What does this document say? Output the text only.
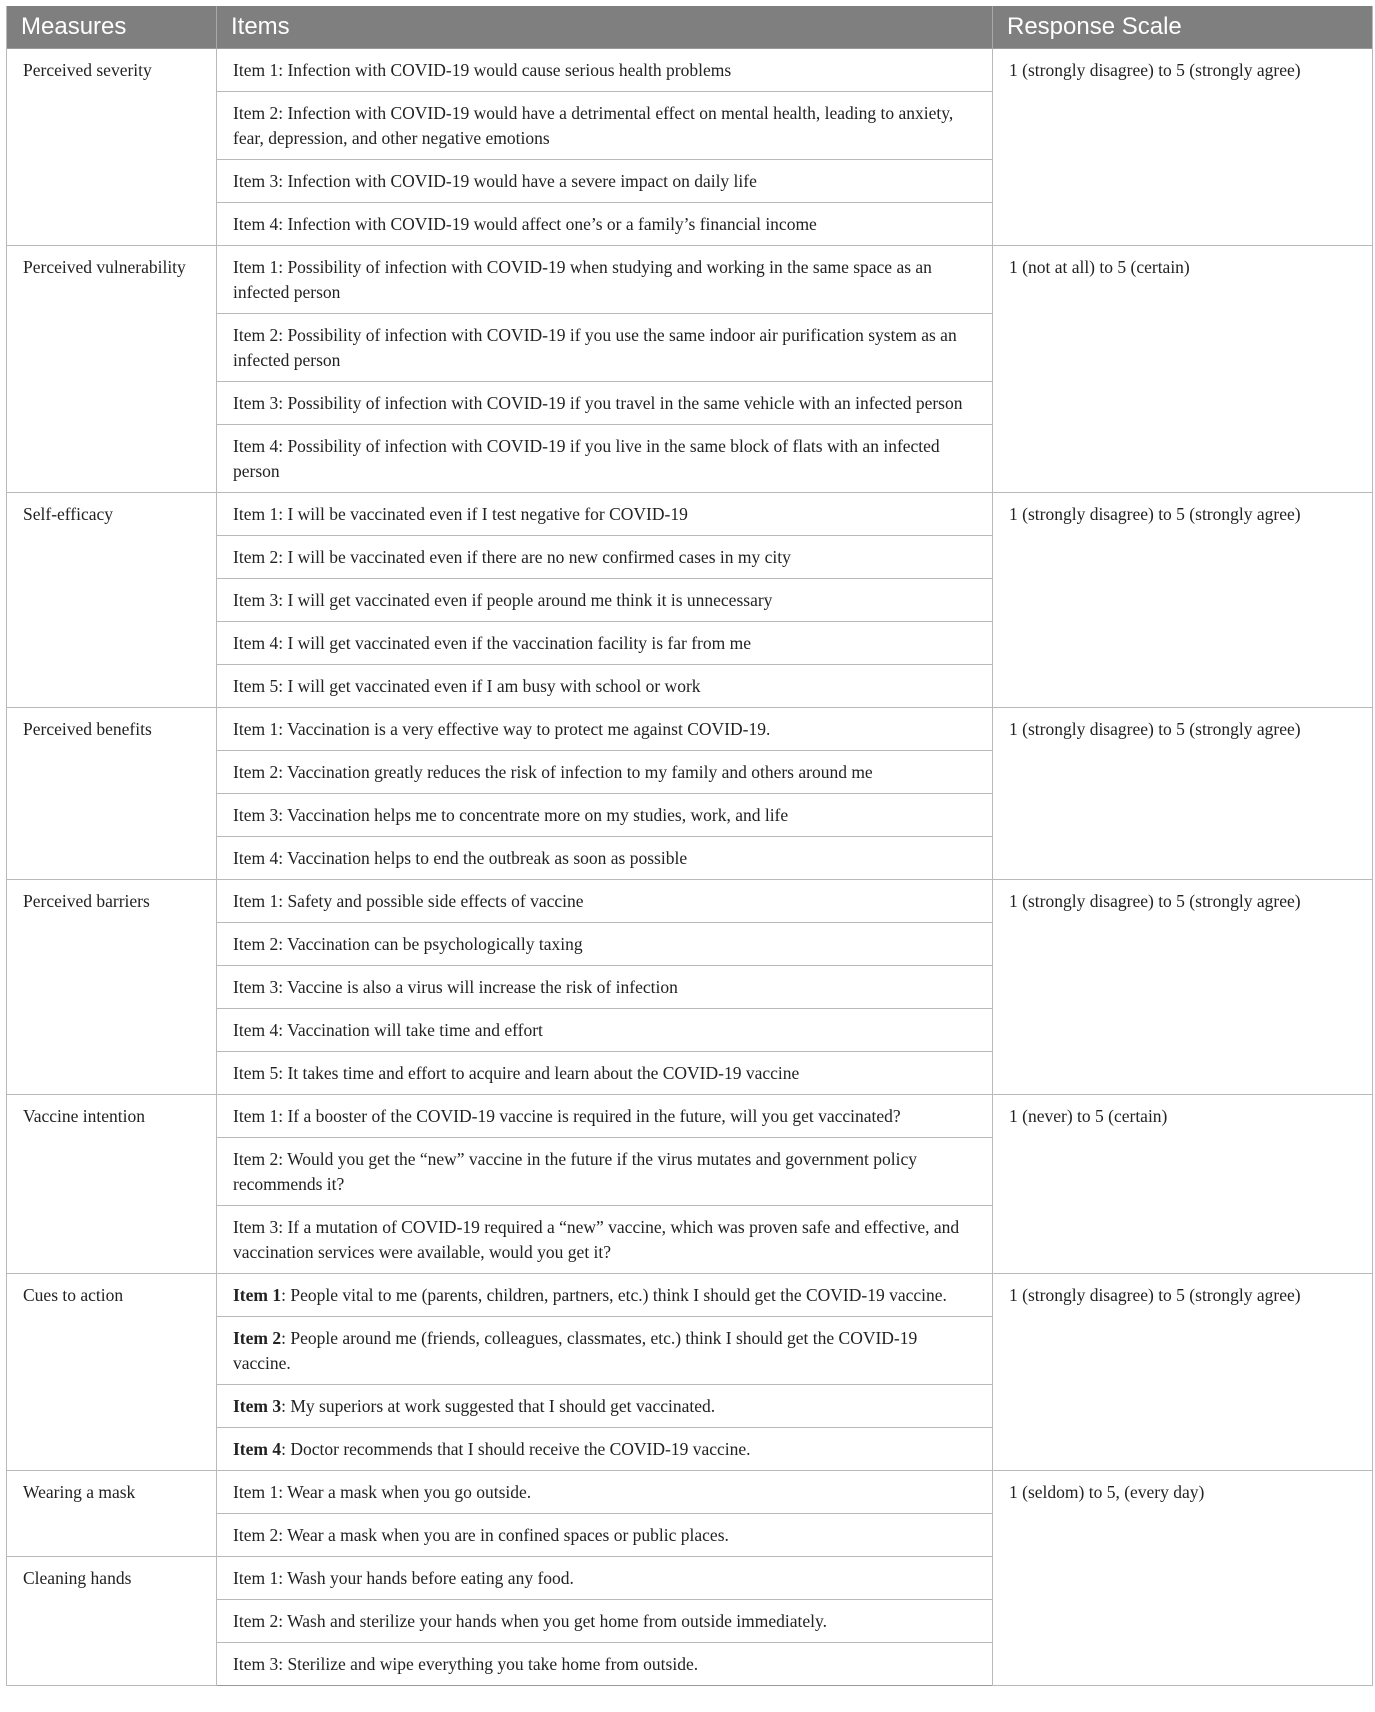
Measures	Items	Response Scale
Perceived severity	Item 1: Infection with COVID-19 would cause serious health problems	1 (strongly disagree) to 5 (strongly agree)
	Item 2: Infection with COVID-19 would have a detrimental effect on mental health, leading to anxiety, fear, depression, and other negative emotions	
	Item 3: Infection with COVID-19 would have a severe impact on daily life	
	Item 4: Infection with COVID-19 would affect one’s or a family’s financial income	
Perceived vulnerability	Item 1: Possibility of infection with COVID-19 when studying and working in the same space as an infected person	1 (not at all) to 5 (certain)
	Item 2: Possibility of infection with COVID-19 if you use the same indoor air purification system as an infected person	
	Item 3: Possibility of infection with COVID-19 if you travel in the same vehicle with an infected person	
	Item 4: Possibility of infection with COVID-19 if you live in the same block of flats with an infected person	
Self-efficacy	Item 1: I will be vaccinated even if I test negative for COVID-19	1 (strongly disagree) to 5 (strongly agree)
	Item 2: I will be vaccinated even if there are no new confirmed cases in my city	
	Item 3: I will get vaccinated even if people around me think it is unnecessary	
	Item 4: I will get vaccinated even if the vaccination facility is far from me	
	Item 5: I will get vaccinated even if I am busy with school or work	
Perceived benefits	Item 1: Vaccination is a very effective way to protect me against COVID-19.	1 (strongly disagree) to 5 (strongly agree)
	Item 2: Vaccination greatly reduces the risk of infection to my family and others around me	
	Item 3: Vaccination helps me to concentrate more on my studies, work, and life	
	Item 4: Vaccination helps to end the outbreak as soon as possible	
Perceived barriers	Item 1: Safety and possible side effects of vaccine	1 (strongly disagree) to 5 (strongly agree)
	Item 2: Vaccination can be psychologically taxing	
	Item 3: Vaccine is also a virus will increase the risk of infection	
	Item 4: Vaccination will take time and effort	
	Item 5: It takes time and effort to acquire and learn about the COVID-19 vaccine	
Vaccine intention	Item 1: If a booster of the COVID-19 vaccine is required in the future, will you get vaccinated?	1 (never) to 5 (certain)
	Item 2: Would you get the “new” vaccine in the future if the virus mutates and government policy recommends it?	
	Item 3: If a mutation of COVID-19 required a “new” vaccine, which was proven safe and effective, and vaccination services were available, would you get it?	
Cues to action	Item 1: People vital to me (parents, children, partners, etc.) think I should get the COVID-19 vaccine.	1 (strongly disagree) to 5 (strongly agree)
	Item 2: People around me (friends, colleagues, classmates, etc.) think I should get the COVID-19 vaccine.	
	Item 3: My superiors at work suggested that I should get vaccinated.	
	Item 4: Doctor recommends that I should receive the COVID-19 vaccine.	
Wearing a mask	Item 1: Wear a mask when you go outside.	1 (seldom) to 5, (every day)
	Item 2: Wear a mask when you are in confined spaces or public places.	
Cleaning hands	Item 1: Wash your hands before eating any food.	
	Item 2: Wash and sterilize your hands when you get home from outside immediately.	
	Item 3: Sterilize and wipe everything you take home from outside.	
